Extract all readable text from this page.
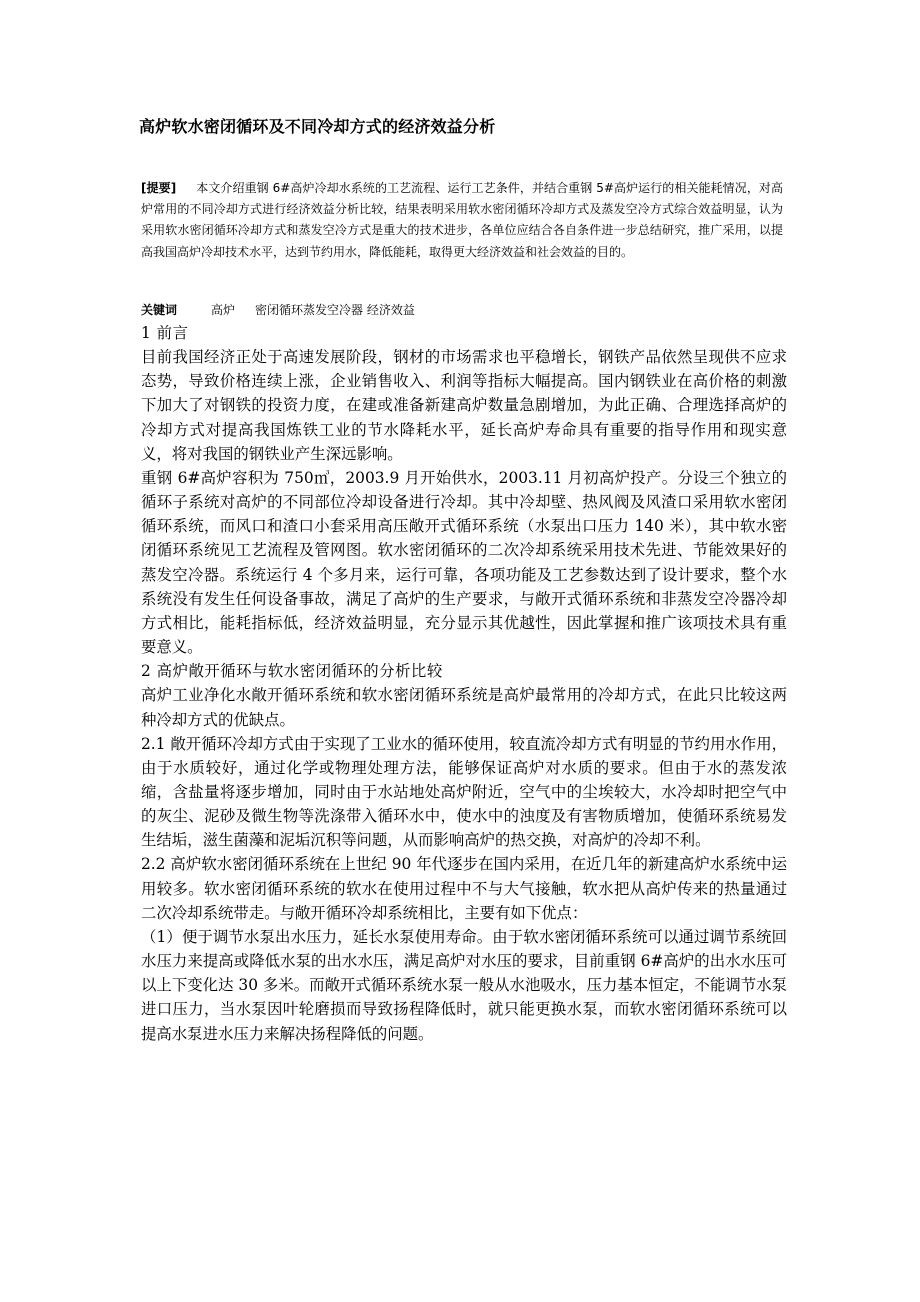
高炉软水密闭循环及不同冷却方式的经济效益分析
[提要] 本文介绍重钢 6#高炉冷却水系统的工艺流程、运行工艺条件，并结合重钢 5#高炉运行的相关能耗情况，对高炉常用的不同冷却方式进行经济效益分析比较，结果表明采用软水密闭循环冷却方式及蒸发空冷方式综合效益明显，认为采用软水密闭循环冷却方式和蒸发空冷方式是重大的技术进步，各单位应结合各自条件进一步总结研究，推广采用，以提高我国高炉冷却技术水平，达到节约用水，降低能耗，取得更大经济效益和社会效益的目的。
关键词	高炉 密闭循环蒸发空冷器 经济效益

1 前言

目前我国经济正处于高速发展阶段，钢材的市场需求也平稳增长，钢铁产品依然呈现供不应求态势，导致价格连续上涨，企业销售收入、利润等指标大幅提高。国内钢铁业在高价格的刺激下加大了对钢铁的投资力度，在建或准备新建高炉数量急剧增加，为此正确、合理选择高炉的冷却方式对提高我国炼铁工业的节水降耗水平，延长高炉寿命具有重要的指导作用和现实意义，将对我国的钢铁业产生深远影响。

重钢 6#高炉容积为 750㎥，2003.9 月开始供水，2003.11 月初高炉投产。分设三个独立的循环子系统对高炉的不同部位冷却设备进行冷却。其中冷却壁、热风阀及风渣口采用软水密闭循环系统，而风口和渣口小套采用高压敞开式循环系统（水泵出口压力 140 米），其中软水密闭循环系统见工艺流程及管网图。软水密闭循环的二次冷却系统采用技术先进、节能效果好的蒸发空冷器。系统运行 4 个多月来，运行可靠，各项功能及工艺参数达到了设计要求，整个水系统没有发生任何设备事故，满足了高炉的生产要求，与敞开式循环系统和非蒸发空冷器冷却方式相比，能耗指标低，经济效益明显，充分显示其优越性，因此掌握和推广该项技术具有重要意义。

2 高炉敞开循环与软水密闭循环的分析比较

高炉工业净化水敞开循环系统和软水密闭循环系统是高炉最常用的冷却方式，在此只比较这两种冷却方式的优缺点。

2.1 敞开循环冷却方式由于实现了工业水的循环使用，较直流冷却方式有明显的节约用水作用，由于水质较好，通过化学或物理处理方法，能够保证高炉对水质的要求。但由于水的蒸发浓缩，含盐量将逐步增加，同时由于水站地处高炉附近，空气中的尘埃较大，水冷却时把空气中的灰尘、泥砂及微生物等洗涤带入循环水中，使水中的浊度及有害物质增加，使循环系统易发生结垢，滋生菌藻和泥垢沉积等问题，从而影响高炉的热交换，对高炉的冷却不利。

2.2 高炉软水密闭循环系统在上世纪 90 年代逐步在国内采用，在近几年的新建高炉水系统中运用较多。软水密闭循环系统的软水在使用过程中不与大气接触，软水把从高炉传来的热量通过二次冷却系统带走。与敞开循环冷却系统相比，主要有如下优点：

（1）便于调节水泵出水压力，延长水泵使用寿命。由于软水密闭循环系统可以通过调节系统回水压力来提高或降低水泵的出水水压，满足高炉对水压的要求，目前重钢 6#高炉的出水水压可以上下变化达 30 多米。而敞开式循环系统水泵一般从水池吸水，压力基本恒定，不能调节水泵进口压力，当水泵因叶轮磨损而导致扬程降低时，就只能更换水泵，而软水密闭循环系统可以提高水泵进水压力来解决扬程降低的问题。
